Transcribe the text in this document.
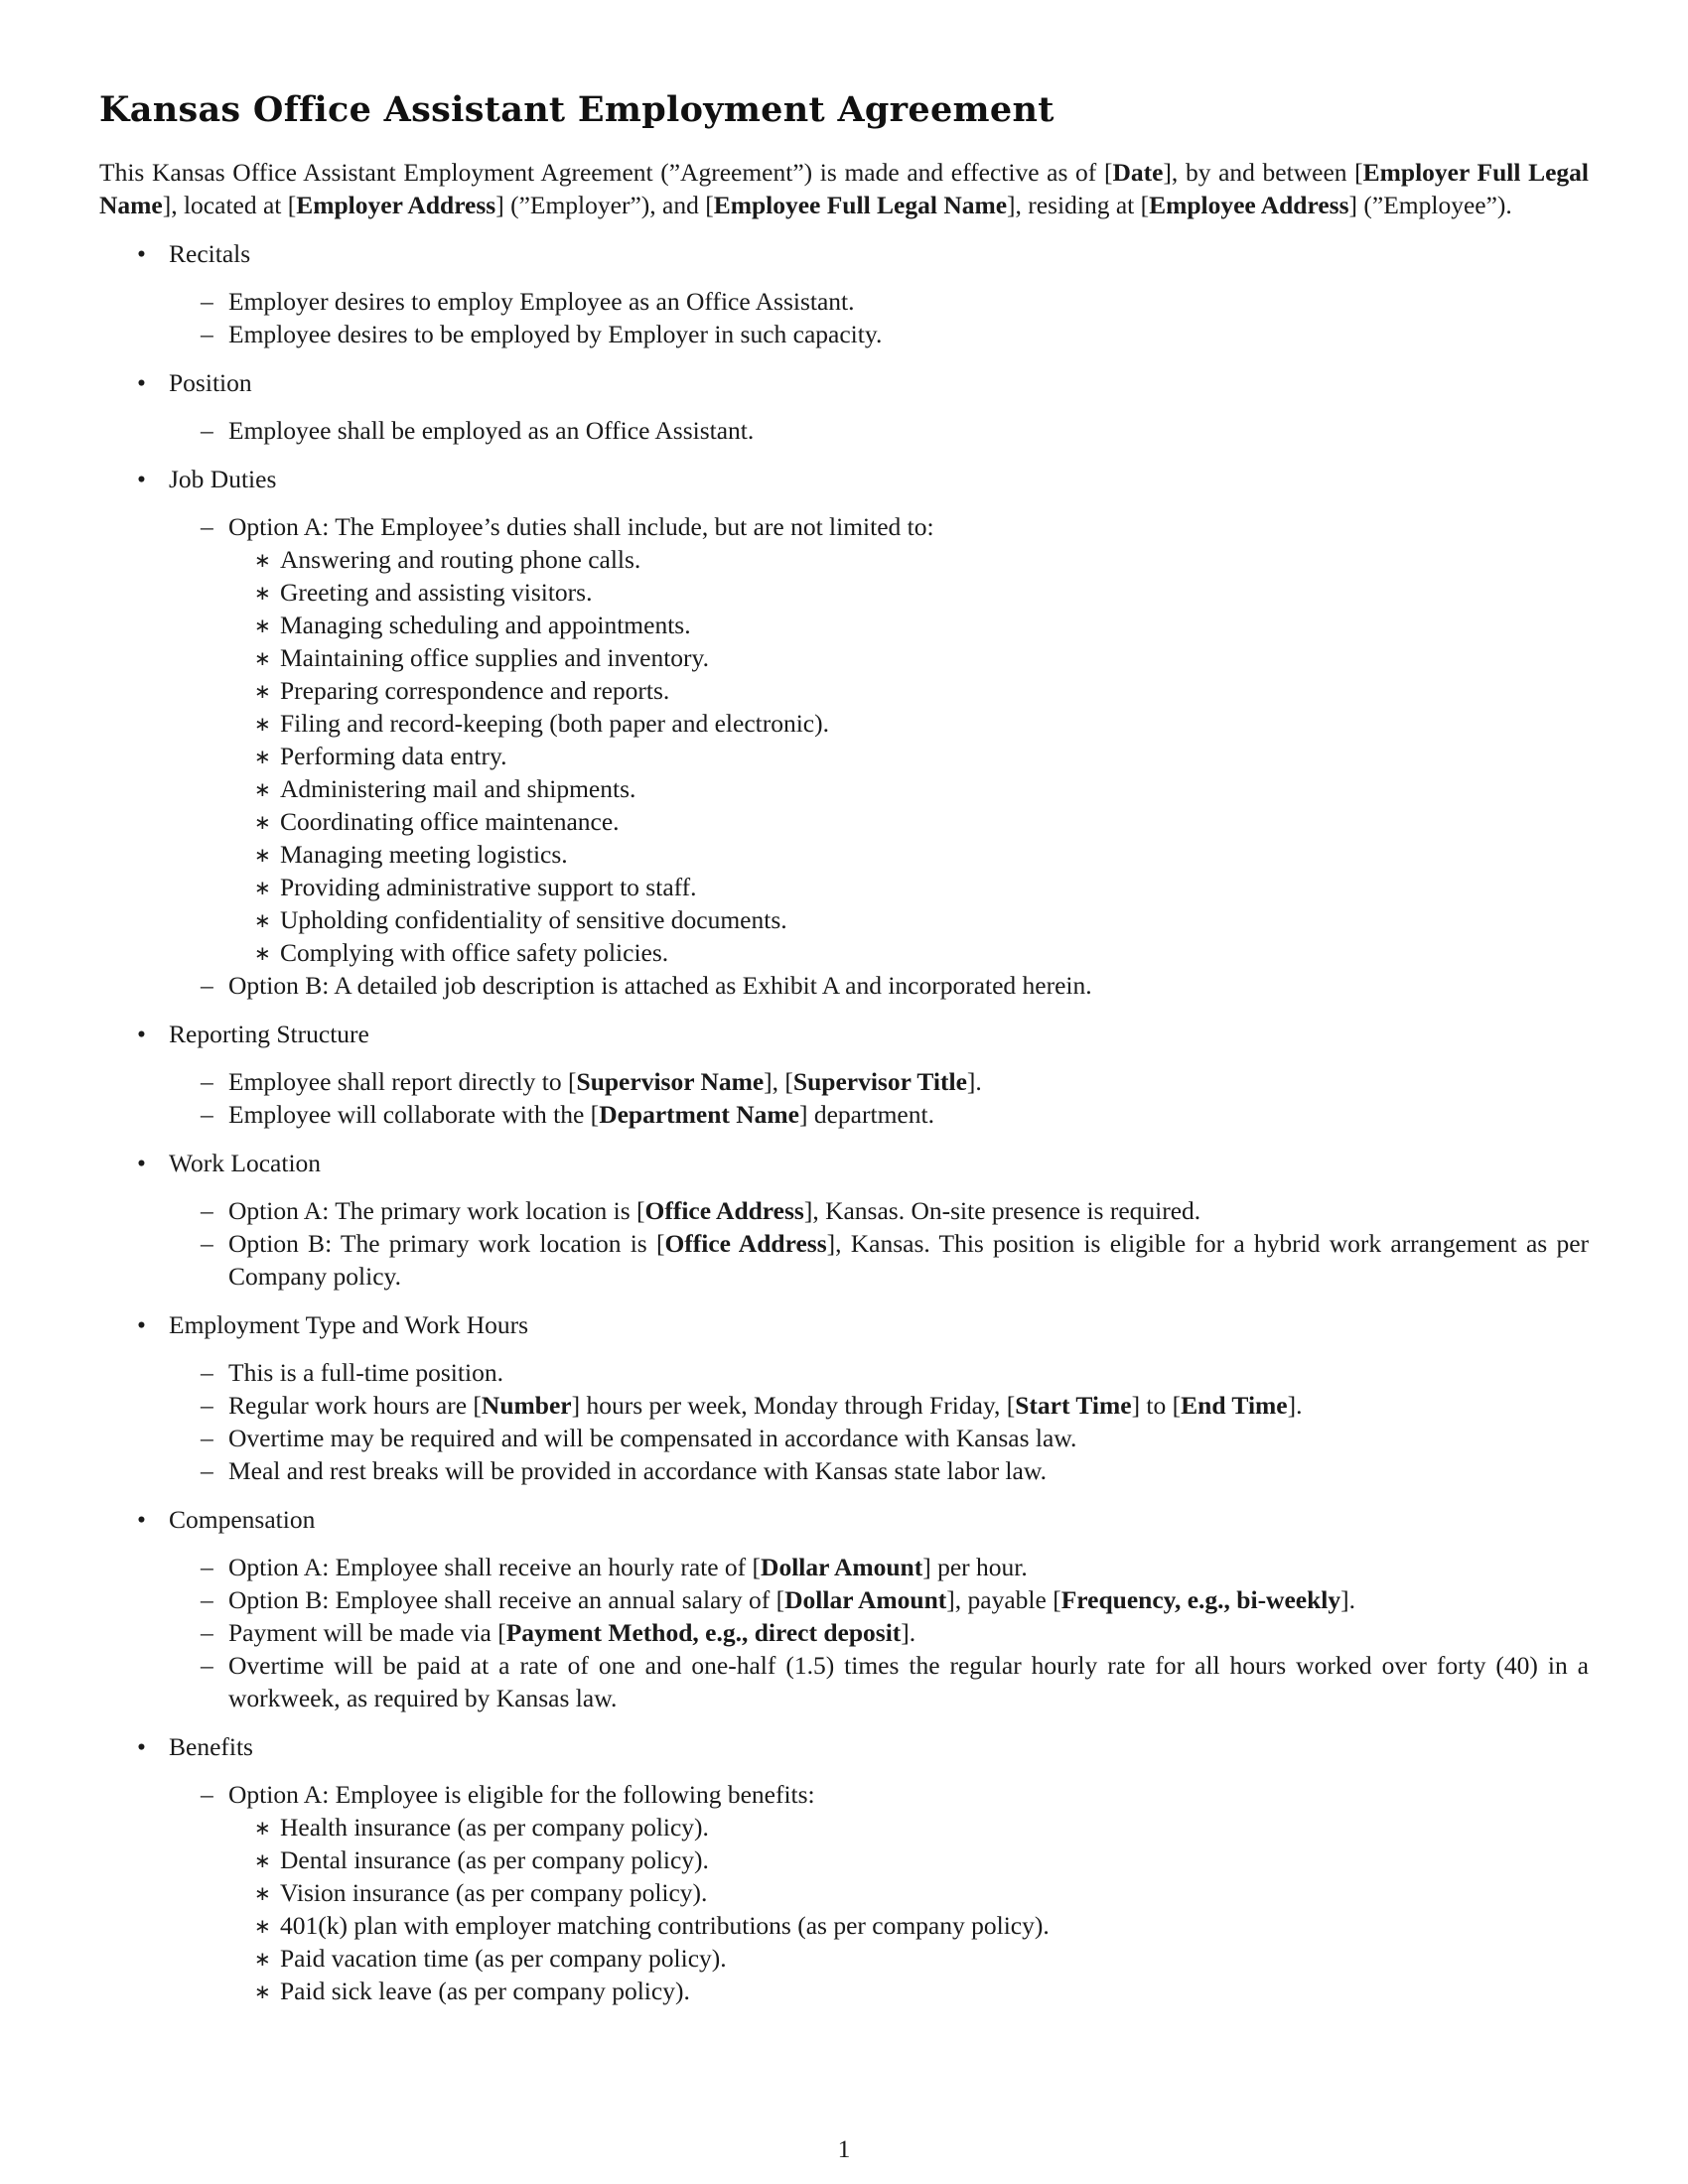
Kansas Office Assistant Employment Agreement

This Kansas Office Assistant Employment Agreement (”Agreement”) is made and effective as of [Date], by and between [Employer Full Legal Name], located at [Employer Address] (”Employer”), and [Employee Full Legal Name], residing at [Employee Address] (”Employee”).

• Recitals
– Employer desires to employ Employee as an Office Assistant.
– Employee desires to be employed by Employer in such capacity.
• Position
– Employee shall be employed as an Office Assistant.
• Job Duties
– Option A: The Employee’s duties shall include, but are not limited to:
∗ Answering and routing phone calls.
∗ Greeting and assisting visitors.
∗ Managing scheduling and appointments.
∗ Maintaining office supplies and inventory.
∗ Preparing correspondence and reports.
∗ Filing and record-keeping (both paper and electronic).
∗ Performing data entry.
∗ Administering mail and shipments.
∗ Coordinating office maintenance.
∗ Managing meeting logistics.
∗ Providing administrative support to staff.
∗ Upholding confidentiality of sensitive documents.
∗ Complying with office safety policies.
– Option B: A detailed job description is attached as Exhibit A and incorporated herein.
• Reporting Structure
– Employee shall report directly to [Supervisor Name], [Supervisor Title].
– Employee will collaborate with the [Department Name] department.
• Work Location
– Option A: The primary work location is [Office Address], Kansas. On-site presence is required.
– Option B: The primary work location is [Office Address], Kansas. This position is eligible for a hybrid work arrangement as per Company policy.
• Employment Type and Work Hours
– This is a full-time position.
– Regular work hours are [Number] hours per week, Monday through Friday, [Start Time] to [End Time].
– Overtime may be required and will be compensated in accordance with Kansas law.
– Meal and rest breaks will be provided in accordance with Kansas state labor law.
• Compensation
– Option A: Employee shall receive an hourly rate of [Dollar Amount] per hour.
– Option B: Employee shall receive an annual salary of [Dollar Amount], payable [Frequency, e.g., bi-weekly].
– Payment will be made via [Payment Method, e.g., direct deposit].
– Overtime will be paid at a rate of one and one-half (1.5) times the regular hourly rate for all hours worked over forty (40) in a workweek, as required by Kansas law.
• Benefits
– Option A: Employee is eligible for the following benefits:
∗ Health insurance (as per company policy).
∗ Dental insurance (as per company policy).
∗ Vision insurance (as per company policy).
∗ 401(k) plan with employer matching contributions (as per company policy).
∗ Paid vacation time (as per company policy).
∗ Paid sick leave (as per company policy).
1
